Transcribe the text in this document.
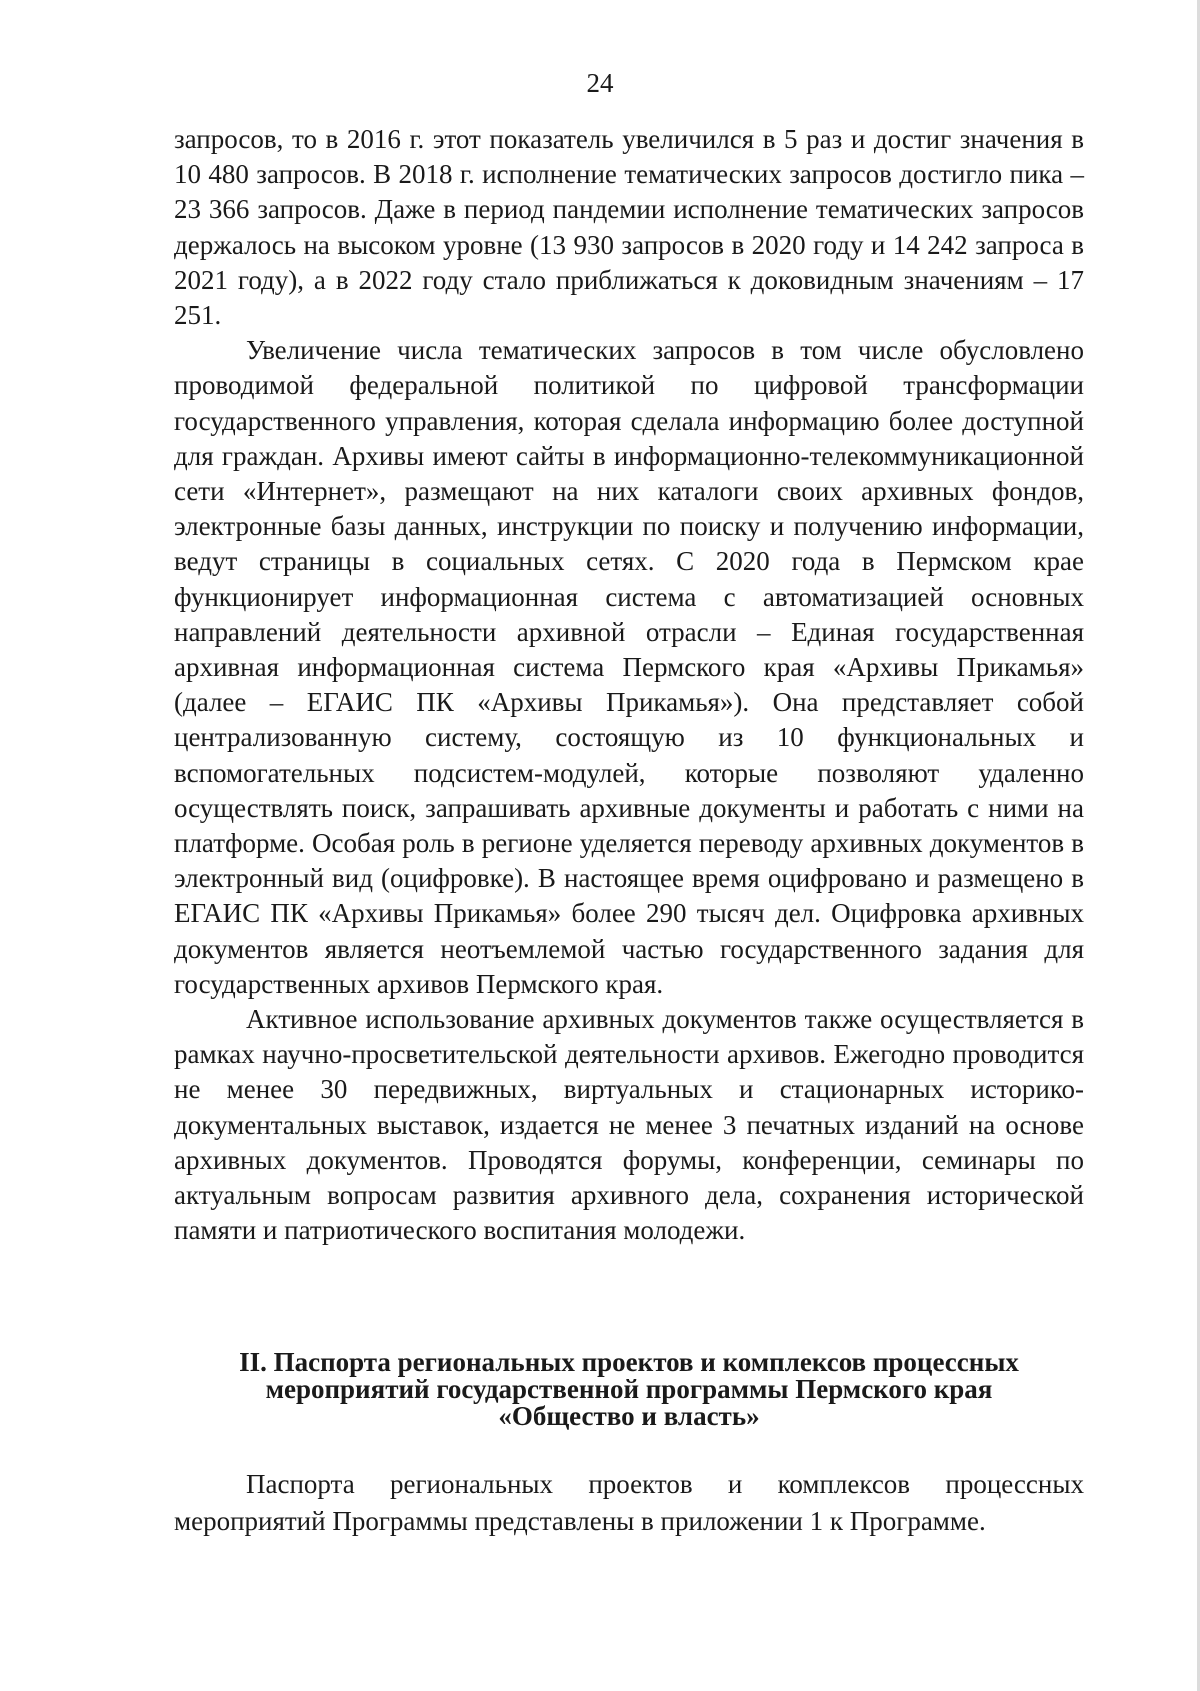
24

запросов, то в 2016 г. этот показатель увеличился в 5 раз и достиг значения в 10 480 запросов. В 2018 г. исполнение тематических запросов достигло пика – 23 366 запросов. Даже в период пандемии исполнение тематических запросов держалось на высоком уровне (13 930 запросов в 2020 году и 14 242 запроса в 2021 году), а в 2022 году стало приближаться к доковидным значениям – 17 251.

Увеличение числа тематических запросов в том числе обусловлено проводимой федеральной политикой по цифровой трансформации государственного управления, которая сделала информацию более доступной для граждан. Архивы имеют сайты в информационно-телекоммуникационной сети «Интернет», размещают на них каталоги своих архивных фондов, электронные базы данных, инструкции по поиску и получению информации, ведут страницы в социальных сетях. С 2020 года в Пермском крае функционирует информационная система с автоматизацией основных направлений деятельности архивной отрасли – Единая государственная архивная информационная система Пермского края «Архивы Прикамья» (далее – ЕГАИС ПК «Архивы Прикамья»). Она представляет собой централизованную систему, состоящую из 10 функциональных и вспомогательных подсистем-модулей, которые позволяют удаленно осуществлять поиск, запрашивать архивные документы и работать с ними на платформе. Особая роль в регионе уделяется переводу архивных документов в электронный вид (оцифровке). В настоящее время оцифровано и размещено в ЕГАИС ПК «Архивы Прикамья» более 290 тысяч дел. Оцифровка архивных документов является неотъемлемой частью государственного задания для государственных архивов Пермского края.

Активное использование архивных документов также осуществляется в рамках научно-просветительской деятельности архивов. Ежегодно проводится не менее 30 передвижных, виртуальных и стационарных историко-документальных выставок, издается не менее 3 печатных изданий на основе архивных документов. Проводятся форумы, конференции, семинары по актуальным вопросам развития архивного дела, сохранения исторической памяти и патриотического воспитания молодежи.

II. Паспорта региональных проектов и комплексов процессных
мероприятий государственной программы Пермского края
«Общество и власть»

Паспорта региональных проектов и комплексов процессных мероприятий Программы представлены в приложении 1 к Программе.
